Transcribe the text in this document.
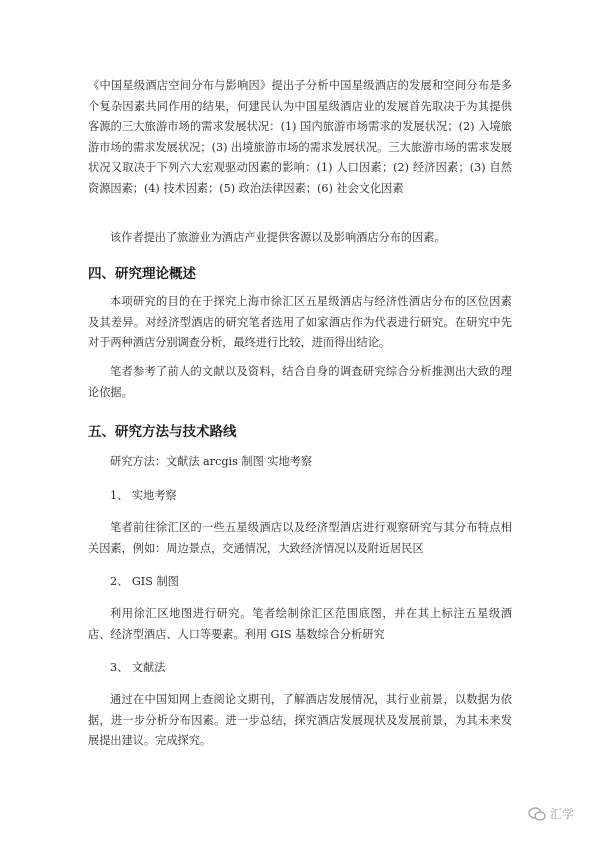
《中国星级酒店空间分布与影响因》提出子分析中国星级酒店的发展和空间分布是多个复杂因素共同作用的结果，何建民认为中国星级酒店业的发展首先取决于为其提供客源的三大旅游市场的需求发展状况：(1) 国内旅游市场需求的发展状况；(2) 入境旅游市场的需求发展状况；(3) 出境旅游市场的需求发展状况。三大旅游市场的需求发展状况又取决于下列六大宏观驱动因素的影响：(1) 人口因素；(2) 经济因素；(3) 自然资源因素；(4) 技术因素；(5) 政治法律因素；(6) 社会文化因素

该作者提出了旅游业为酒店产业提供客源以及影响酒店分布的因素。

四、研究理论概述

本项研究的目的在于探究上海市徐汇区五星级酒店与经济性酒店分布的区位因素及其差异。对经济型酒店的研究笔者选用了如家酒店作为代表进行研究。在研究中先对于两种酒店分别调查分析，最终进行比较，进而得出结论。

笔者参考了前人的文献以及资料，结合自身的调查研究综合分析推测出大致的理论依据。

五、研究方法与技术路线

研究方法：文献法 arcgis 制图 实地考察

1、 实地考察

笔者前往徐汇区的一些五星级酒店以及经济型酒店进行观察研究与其分布特点相关因素，例如：周边景点，交通情况，大致经济情况以及附近居民区

2、 GIS 制图

利用徐汇区地图进行研究。笔者绘制徐汇区范围底图，并在其上标注五星级酒店、经济型酒店、人口等要素。利用 GIS 基数综合分析研究

3、 文献法

通过在中国知网上查阅论文期刊，了解酒店发展情况，其行业前景，以数据为依据，进一步分析分布因素。进一步总结，探究酒店发展现状及发展前景，为其未来发展提出建议。完成探究。

汇学
